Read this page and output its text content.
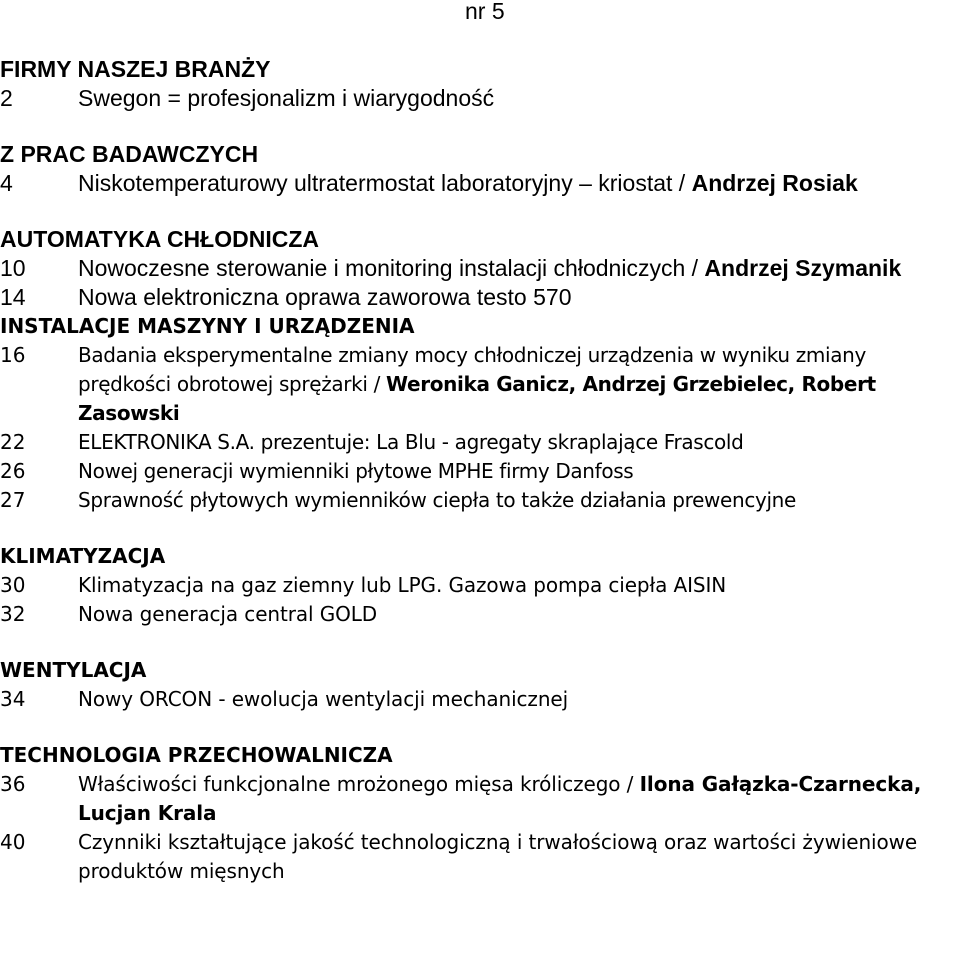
nr 5
FIRMY NASZEJ BRANŻY
2	Swegon = profesjonalizm i wiarygodność
Z PRAC BADAWCZYCH
4	Niskotemperaturowy ultratermostat laboratoryjny – kriostat / Andrzej Rosiak
AUTOMATYKA CHŁODNICZA
10	Nowoczesne sterowanie i monitoring instalacji chłodniczych / Andrzej Szymanik
14	Nowa elektroniczna oprawa zaworowa testo 570
INSTALACJE MASZYNY I URZĄDZENIA
16	Badania eksperymentalne zmiany mocy chłodniczej urządzenia w wyniku zmiany prędkości obrotowej sprężarki / Weronika Ganicz, Andrzej Grzebielec, Robert Zasowski
22	ELEKTRONIKA S.A. prezentuje: La Blu - agregaty skraplające Frascold
26	Nowej generacji wymienniki płytowe MPHE firmy Danfoss
27	Sprawność płytowych wymienników ciepła to także działania prewencyjne
KLIMATYZACJA
30	Klimatyzacja na gaz ziemny lub LPG. Gazowa pompa ciepła AISIN
32	Nowa generacja central GOLD
WENTYLACJA
34	Nowy ORCON - ewolucja wentylacji mechanicznej
TECHNOLOGIA PRZECHOWALNICZA
36	Właściwości funkcjonalne mrożonego mięsa króliczego / Ilona Gałązka-Czarnecka, Lucjan Krala
40	Czynniki kształtujące jakość technologiczną i trwałościową oraz wartości żywieniowe produktów mięsnych
